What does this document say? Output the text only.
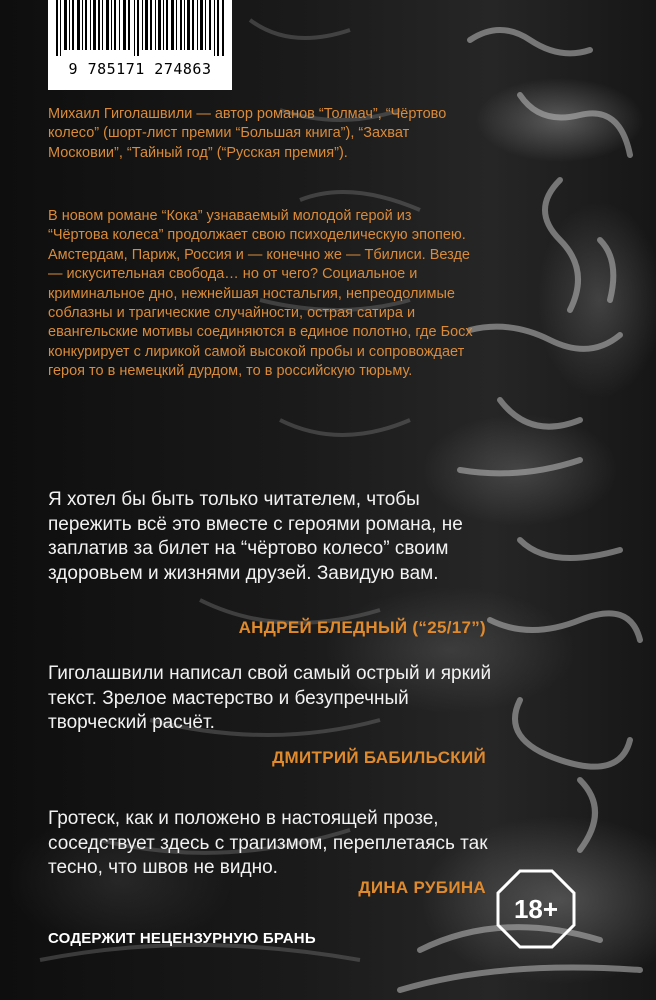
9 785171 274863

Михаил Гиголашвили — автор романов “Толмач”, “Чёртово колесо” (шорт-лист премии “Большая книга”), “Захват Московии”, “Тайный год” (“Русская премия”).

В новом романе “Кока” узнаваемый молодой герой из “Чёртова колеса” продолжает свою психоделическую эпопею. Амстердам, Париж, Россия и — конечно же — Тбилиси. Везде — искусительная свобода… но от чего? Социальное и криминальное дно, нежнейшая ностальгия, непреодолимые соблазны и трагические случайности, острая сатира и евангельские мотивы соединяются в единое полотно, где Босх конкурирует с лирикой самой высокой пробы и сопровождает героя то в немецкий дурдом, то в российскую тюрьму.

Я хотел бы быть только читателем, чтобы пережить всё это вместе с героями романа, не заплатив за билет на “чёртово колесо” своим здоровьем и жизнями друзей. Завидую вам.

АНДРЕЙ БЛЕДНЫЙ (“25/17”)

Гиголашвили написал свой самый острый и яркий текст. Зрелое мастерство и безупречный творческий расчёт.

ДМИТРИЙ БАБИЛЬСКИЙ

Гротеск, как и положено в настоящей прозе, соседствует здесь с трагизмом, переплетаясь так тесно, что швов не видно.

ДИНА РУБИНА

18+

СОДЕРЖИТ НЕЦЕНЗУРНУЮ БРАНЬ
